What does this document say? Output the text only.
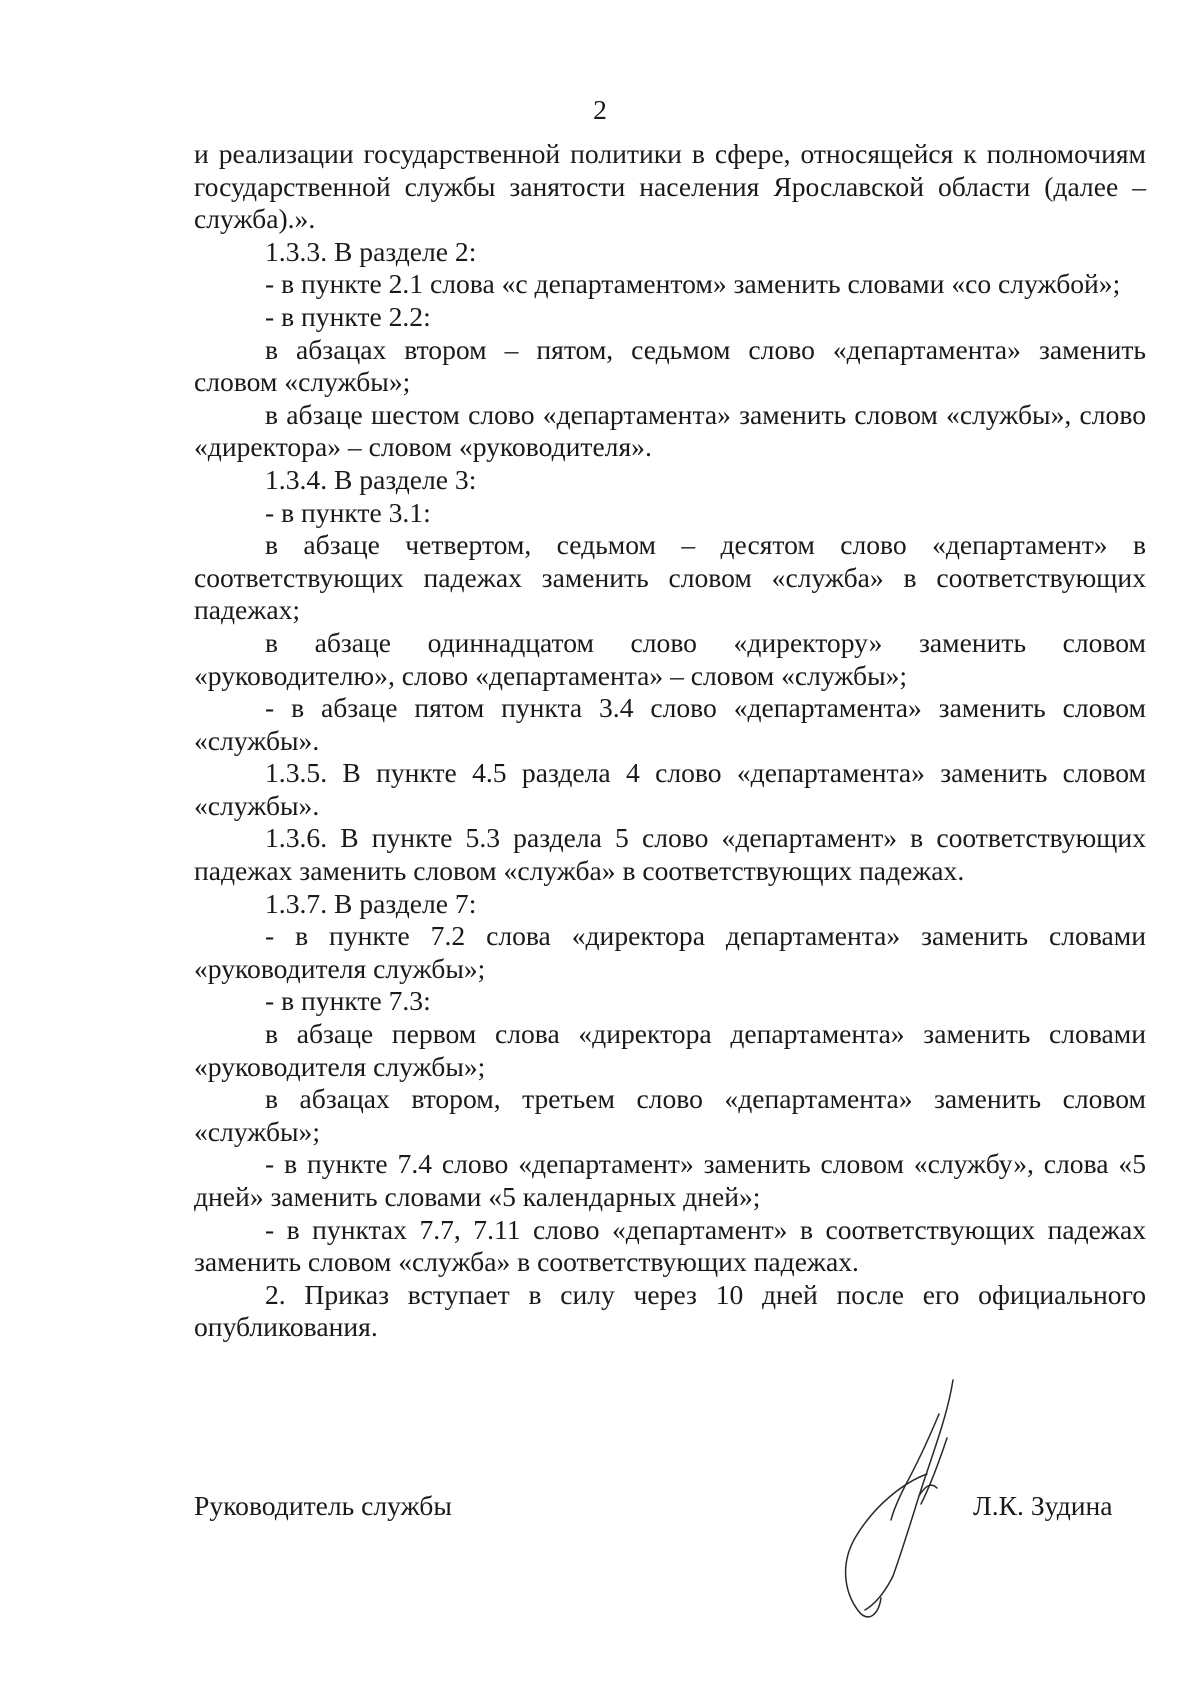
2

и реализации государственной политики в сфере, относящейся к полномочиям государственной службы занятости населения Ярославской области (далее – служба).».

1.3.3. В разделе 2:

- в пункте 2.1 слова «с департаментом» заменить словами «со службой»;

- в пункте 2.2:

в абзацах втором – пятом, седьмом слово «департамента» заменить словом «службы»;

в абзаце шестом слово «департамента» заменить словом «службы», слово «директора» – словом «руководителя».

1.3.4. В разделе 3:

- в пункте 3.1:

в абзаце четвертом, седьмом – десятом слово «департамент» в соответствующих падежах заменить словом «служба» в соответствующих падежах;

в абзаце одиннадцатом слово «директору» заменить словом «руководителю», слово «департамента» – словом «службы»;

- в абзаце пятом пункта 3.4 слово «департамента» заменить словом «службы».

1.3.5. В пункте 4.5 раздела 4 слово «департамента» заменить словом «службы».

1.3.6. В пункте 5.3 раздела 5 слово «департамент» в соответствующих падежах заменить словом «служба» в соответствующих падежах.

1.3.7. В разделе 7:

- в пункте 7.2 слова «директора департамента» заменить словами «руководителя службы»;

- в пункте 7.3:

в абзаце первом слова «директора департамента» заменить словами «руководителя службы»;

в абзацах втором, третьем слово «департамента» заменить словом «службы»;

- в пункте 7.4 слово «департамент» заменить словом «службу», слова «5 дней» заменить словами «5 календарных дней»;

- в пунктах 7.7, 7.11 слово «департамент» в соответствующих падежах заменить словом «служба» в соответствующих падежах.

2. Приказ вступает в силу через 10 дней после его официального опубликования.

Руководитель службы	Л.К. Зудина
